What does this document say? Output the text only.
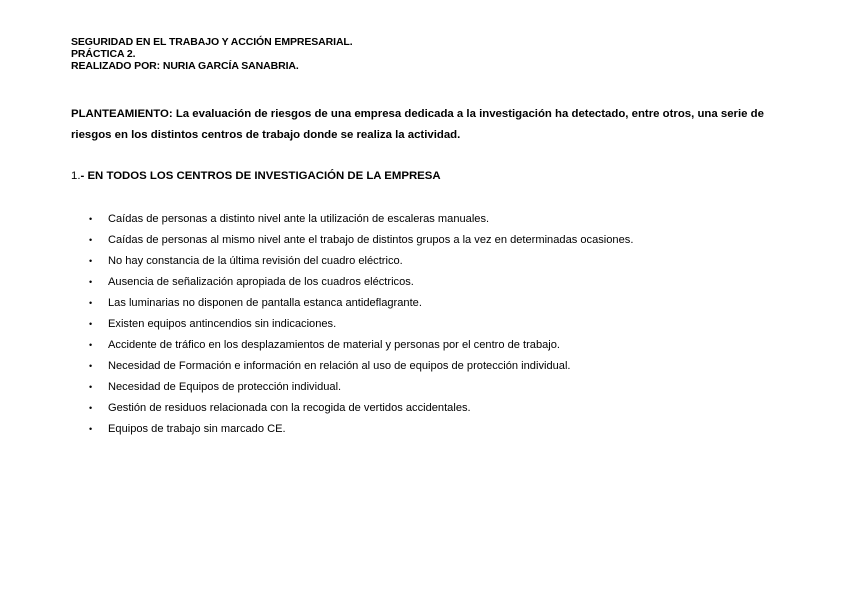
SEGURIDAD EN EL TRABAJO Y ACCIÓN EMPRESARIAL.
PRÁCTICA 2.
REALIZADO POR: NURIA GARCÍA SANABRIA.
PLANTEAMIENTO: La evaluación de riesgos de una empresa dedicada a la investigación ha detectado, entre otros, una serie de riesgos en los distintos centros de trabajo donde se realiza la actividad.
1.- EN TODOS LOS CENTROS DE INVESTIGACIÓN DE LA EMPRESA
• Caídas de personas a distinto nivel ante la utilización de escaleras manuales.
• Caídas de personas al mismo nivel ante el trabajo de distintos grupos a la vez en determinadas ocasiones.
• No hay constancia de la última revisión del cuadro eléctrico.
• Ausencia de señalización apropiada de los cuadros eléctricos.
• Las luminarias no disponen de pantalla estanca antideflagrante.
• Existen equipos antincendios sin indicaciones.
• Accidente de tráfico en los desplazamientos de material y personas por el centro de trabajo.
• Necesidad de Formación e información en relación al uso de equipos de protección individual.
• Necesidad de Equipos de protección individual.
• Gestión de residuos relacionada con la recogida de vertidos accidentales.
• Equipos de trabajo sin marcado CE.
